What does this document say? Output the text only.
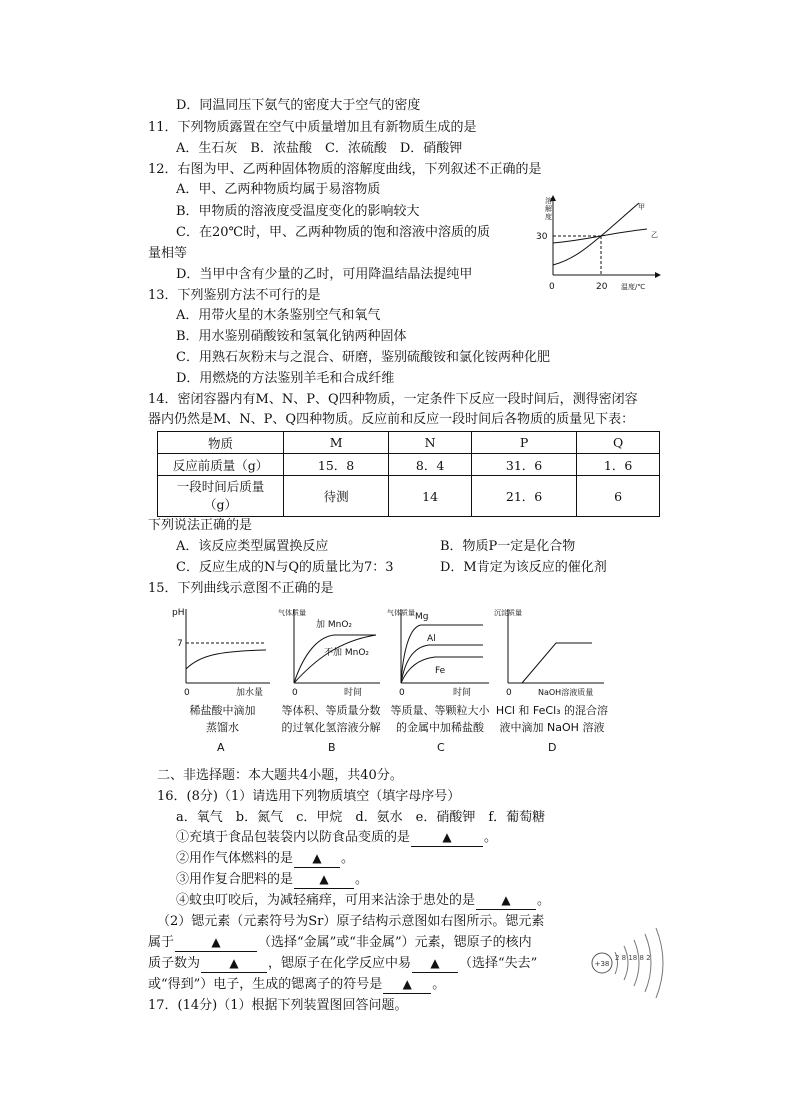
D．同温同压下氨气的密度大于空气的密度
11．下列物质露置在空气中质量增加且有新物质生成的是
A．生石灰　B．浓盐酸　C．浓硫酸　D．硝酸钾
12．右图为甲、乙两种固体物质的溶解度曲线，下列叙述不正确的是
A．甲、乙两种物质均属于易溶物质
B．甲物质的溶液度受温度变化的影响较大
C．在20℃时，甲、乙两种物质的饱和溶液中溶质的质
量相等
D．当甲中含有少量的乙时，可用降温结晶法提纯甲
溶
解
度
30
0	20 温度/℃
甲
乙
13．下列鉴别方法不可行的是
A．用带火星的木条鉴别空气和氧气
B．用水鉴别硝酸铵和氢氧化钠两种固体
C．用熟石灰粉末与之混合、研磨，鉴别硫酸铵和氯化铵两种化肥
D．用燃烧的方法鉴别羊毛和合成纤维
14．密闭容器内有M、N、P、Q四种物质，一定条件下反应一段时间后，测得密闭容
器内仍然是M、N、P、Q四种物质。反应前和反应一段时间后各物质的质量见下表：
物质	M	N	P	Q
反应前质量（g）	15．8	8．4	31．6	1．6

一段时间后质量
（g）	待测	14	21．6	6
下列说法正确的是
A．该反应类型属置换反应	B．物质P一定是化合物
C．反应生成的N与Q的质量比为7：3	D．M肯定为该反应的催化剂
15．下列曲线示意图不正确的是
pH
7
0	加水量
稀盐酸中滴加
蒸馏水
A
气体质量
加 MnO₂
不加 MnO₂
0	时间
等体积、等质量分数
的过氧化氢溶液分解
B
气体质量 Mg
Al
Fe
0	时间
等质量、等颗粒大小
的金属中加稀盐酸
C
沉淀质量
0	NaOH溶液质量
HCl 和 FeCl₃ 的混合溶
液中滴加 NaOH 溶液
D
二、非选择题：本大题共4小题，共40分。
16．(8分)（1）请选用下列物质填空（填字母序号）
a．氧气　b．氮气　c．甲烷　d．氨水　e．硝酸钾　f．葡萄糖
①充填于食品包装袋内以防食品变质的是	▲ 。
②用作气体燃料的是 ▲ 。
③用作复合肥料的是 ▲ 。
④蚊虫叮咬后，为减轻痛痒，可用来沾涂于患处的是 ▲ 。
（2）锶元素（元素符号为Sr）原子结构示意图如右图所示。锶元素
属于	▲	（选择“金属”或“非金属”）元素，锶原子的核内
质子数为 ▲ ，锶原子在化学反应中易 ▲ （选择“失去”
或“得到”）电子，生成的锶离子的符号是 ▲ 。
+38
2 8 18 8 2
17．(14分)（1）根据下列装置图回答问题。
